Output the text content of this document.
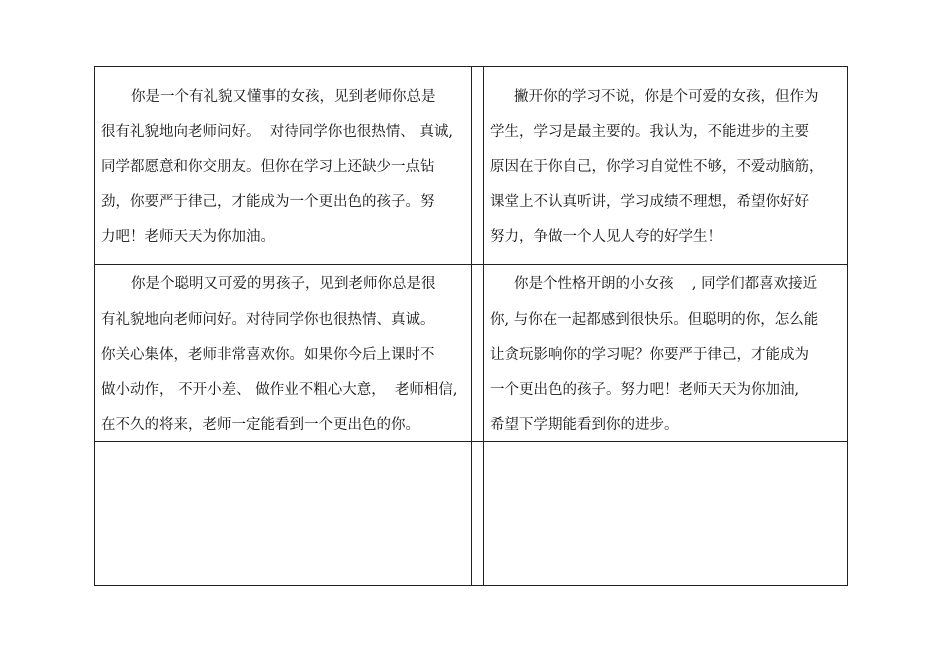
你是一个有礼貌又懂事的女孩，见到老师你总是
很有礼貌地向老师问好。  对待同学你也很热情、 真诚,
同学都愿意和你交朋友。但你在学习上还缺少一点钻
劲，你要严于律己，才能成为一个更出色的孩子。努
力吧！老师天天为你加油。
撇开你的学习不说，你是个可爱的女孩，但作为
学生，学习是最主要的。我认为，不能进步的主要
原因在于你自己，你学习自觉性不够，不爱动脑筋，
课堂上不认真听讲，学习成绩不理想，希望你好好
努力，争做一个人见人夸的好学生！
你是个聪明又可爱的男孩子，见到老师你总是很
有礼貌地向老师问好。对待同学你也很热情、真诚。
你关心集体，老师非常喜欢你。如果你今后上课时不
做小动作， 不开小差、 做作业不粗心大意，  老师相信,
在不久的将来，老师一定能看到一个更出色的你。
你是个性格开朗的小女孩    , 同学们都喜欢接近
你, 与你在一起都感到很快乐。但聪明的你，怎么能
让贪玩影响你的学习呢？你要严于律己，才能成为
一个更出色的孩子。努力吧！老师天天为你加油,
希望下学期能看到你的进步。
